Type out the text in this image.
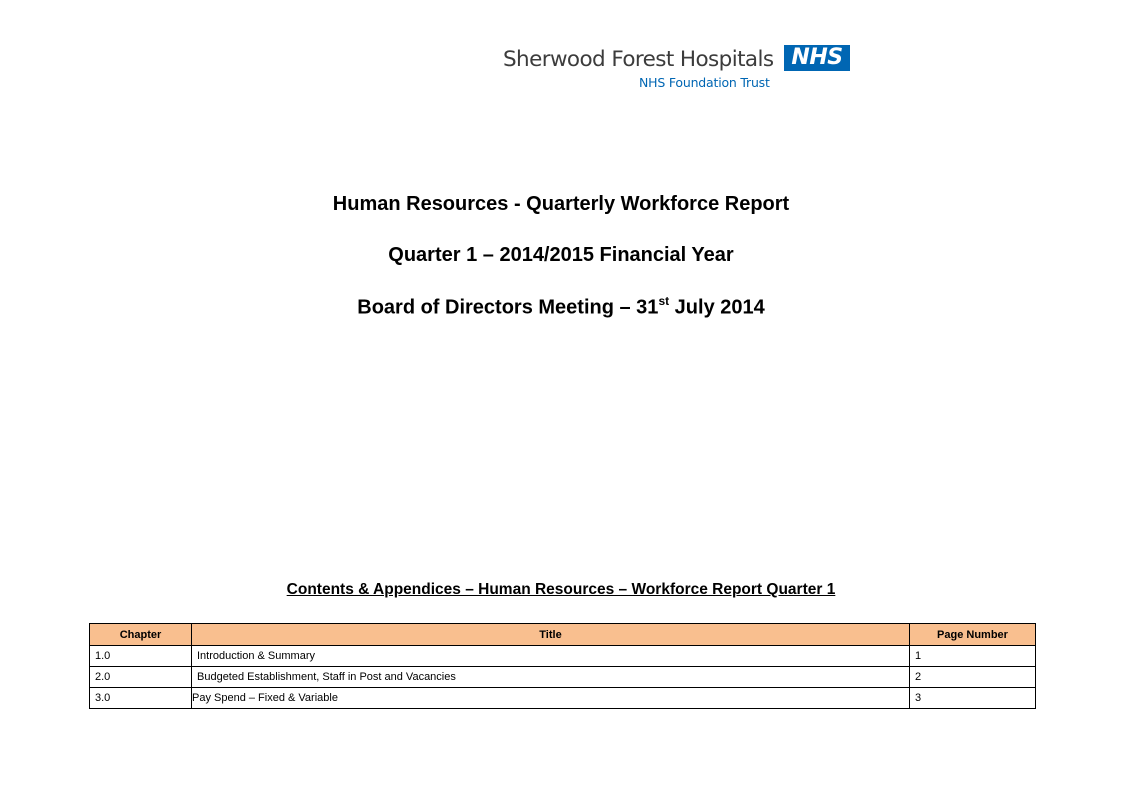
Sherwood Forest Hospitals NHS
NHS Foundation Trust
Human Resources - Quarterly Workforce Report
Quarter 1 – 2014/2015 Financial Year
Board of Directors Meeting – 31st July 2014
Contents & Appendices – Human Resources – Workforce Report Quarter 1
Chapter	Title	Page Number
1.0	Introduction & Summary	1
2.0	Budgeted Establishment, Staff in Post and Vacancies	2
3.0	Pay Spend – Fixed & Variable	3
